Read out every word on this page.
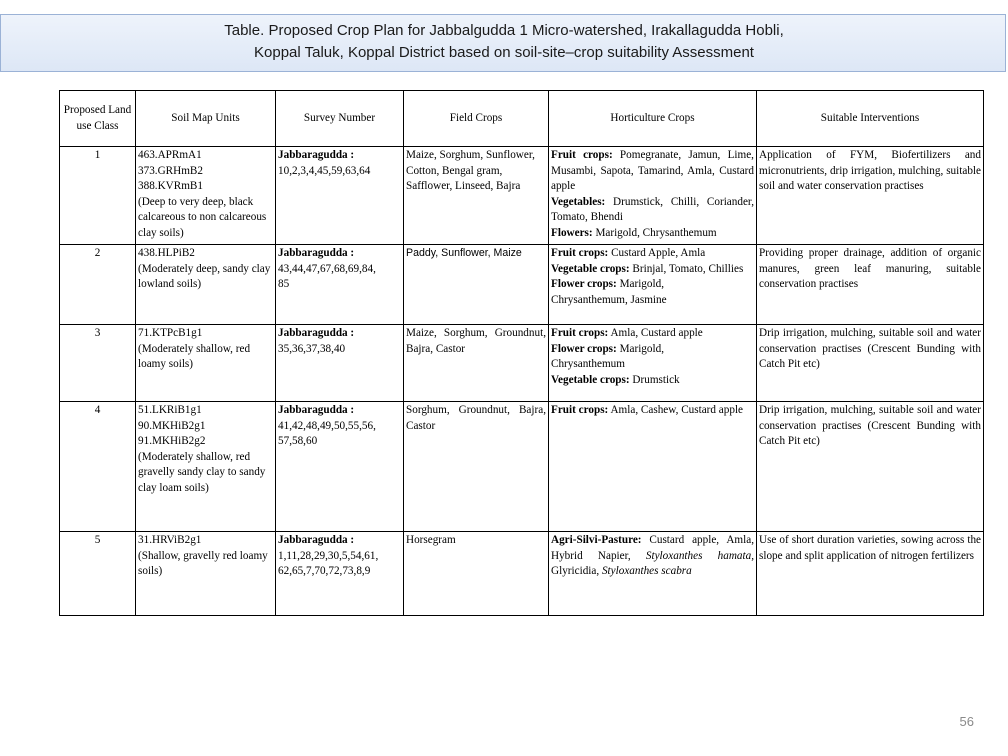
Table. Proposed Crop Plan for Jabbalgudda 1 Micro-watershed, Irakallagudda Hobli,
Koppal Taluk, Koppal District based on soil-site–crop suitability Assessment
Proposed Land use Class	Soil Map Units	Survey Number	Field Crops	Horticulture Crops	Suitable Interventions
1	463.APRmA1
373.GRHmB2
388.KVRmB1
(Deep to very deep, black calcareous to non calcareous clay soils)	Jabbaragudda :
10,2,3,4,45,59,63,64	Maize, Sorghum, Sunflower, Cotton, Bengal gram, Safflower, Linseed, Bajra	Fruit crops: Pomegranate, Jamun, Lime, Musambi, Sapota, Tamarind, Amla, Custard apple
Vegetables: Drumstick, Chilli, Coriander, Tomato, Bhendi
Flowers: Marigold, Chrysanthemum	Application of FYM, Biofertilizers and micronutrients, drip irrigation, mulching, suitable soil and water conservation practises
2	438.HLPiB2
(Moderately deep, sandy clay lowland soils)	Jabbaragudda :
43,44,47,67,68,69,84,
85	Paddy, Sunflower, Maize	Fruit crops: Custard Apple, Amla
Vegetable crops: Brinjal, Tomato, Chillies
Flower crops: Marigold,
Chrysanthemum, Jasmine	Providing proper drainage, addition of organic manures, green leaf manuring, suitable conservation practises
3	71.KTPcB1g1
(Moderately shallow, red loamy soils)	Jabbaragudda :
35,36,37,38,40	Maize, Sorghum, Groundnut, Bajra, Castor	Fruit crops: Amla, Custard apple
Flower crops: Marigold,
Chrysanthemum
Vegetable crops: Drumstick	Drip irrigation, mulching, suitable soil and water conservation practises (Crescent Bunding with Catch Pit etc)
4	51.LKRiB1g1
90.MKHiB2g1
91.MKHiB2g2
(Moderately shallow, red gravelly sandy clay to sandy clay loam soils)	Jabbaragudda :
41,42,48,49,50,55,56,
57,58,60	Sorghum, Groundnut, Bajra, Castor	Fruit crops: Amla, Cashew, Custard apple	Drip irrigation, mulching, suitable soil and water conservation practises (Crescent Bunding with Catch Pit etc)
5	31.HRViB2g1
(Shallow, gravelly red loamy soils)	Jabbaragudda :
1,11,28,29,30,5,54,61,
62,65,7,70,72,73,8,9	Horsegram	Agri-Silvi-Pasture: Custard apple, Amla, Hybrid Napier, Styloxanthes hamata, Glyricidia, Styloxanthes scabra	Use of short duration varieties, sowing across the slope and split application of nitrogen fertilizers
56
